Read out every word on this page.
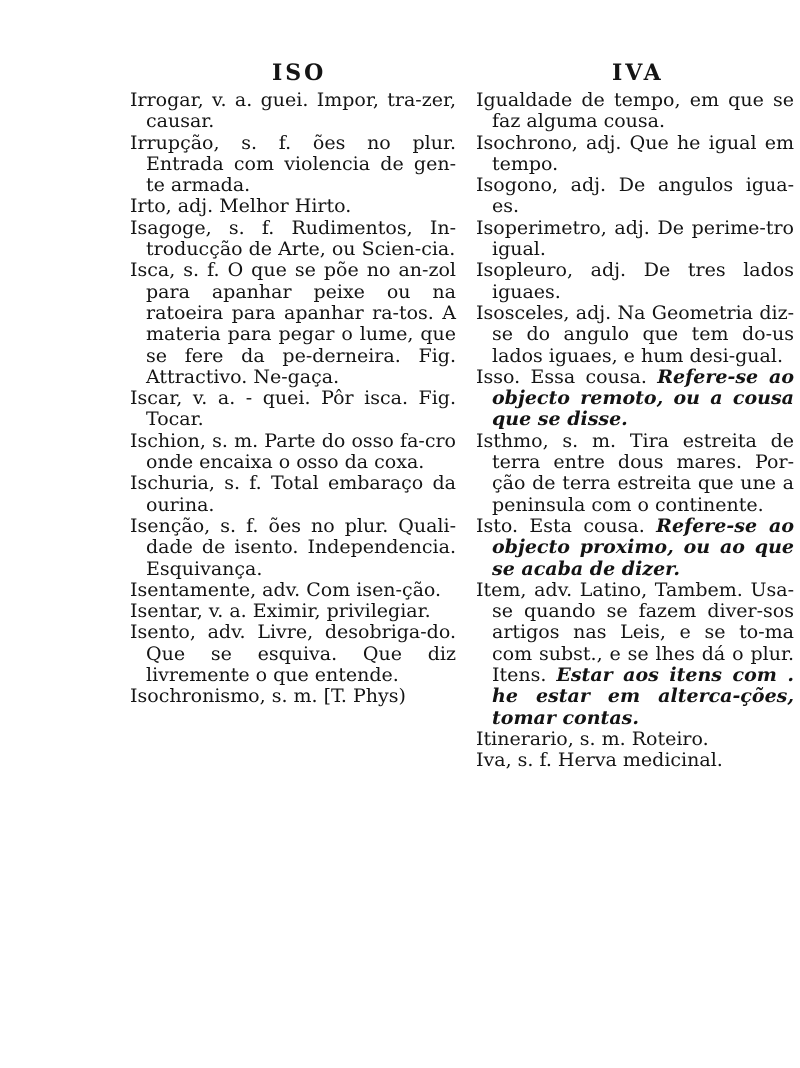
ISO	IVA

Irrogar, v. a. guei. Impor, tra-zer, causar.

Irrupção, s. f. ões no plur. Entrada com violencia de gen-te armada.

Irto, adj. Melhor Hirto.

Isagoge, s. f. Rudimentos, In-troducção de Arte, ou Scien-cia.

Isca, s. f. O que se põe no an-zol para apanhar peixe ou na ratoeira para apanhar ra-tos. A materia para pegar o lume, que se fere da pe-derneira. Fig. Attractivo. Ne-gaça.

Iscar, v. a. - quei. Pôr isca. Fig. Tocar.

Ischion, s. m. Parte do osso fa-cro onde encaixa o osso da coxa.

Ischuria, s. f. Total embaraço da ourina.

Isenção, s. f. ões no plur. Quali-dade de isento. Independencia. Esquivança.

Isentamente, adv. Com isen-ção.

Isentar, v. a. Eximir, privilegiar.

Isento, adv. Livre, desobriga-do. Que se esquiva. Que diz livremente o que entende.

Isochronismo, s. m. [T. Phys)

Igualdade de tempo, em que se faz alguma cousa.

Isochrono, adj. Que he igual em tempo.

Isogono, adj. De angulos igua-es.

Isoperimetro, adj. De perime-tro igual.

Isopleuro, adj. De tres lados iguaes.

Isosceles, adj. Na Geometria diz-se do angulo que tem do-us lados iguaes, e hum desi-gual.

Isso. Essa cousa. Refere-se ao objecto remoto, ou a cousa que se disse.

Isthmo, s. m. Tira estreita de terra entre dous mares. Por-ção de terra estreita que une a peninsula com o continente.

Isto. Esta cousa. Refere-se ao objecto proximo, ou ao que se acaba de dizer.

Item, adv. Latino, Tambem. Usa-se quando se fazem diver-sos artigos nas Leis, e se to-ma com subst., e se lhes dá o plur. Itens. Estar aos itens com . he estar em alterca-ções, tomar contas.

Itinerario, s. m. Roteiro.

Iva, s. f. Herva medicinal.
